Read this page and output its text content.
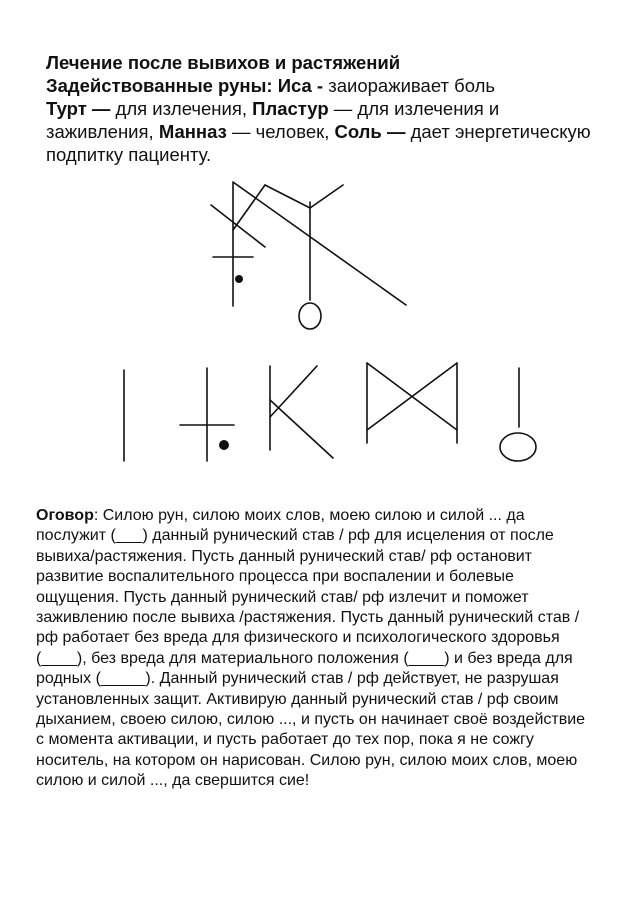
Лечение после вывихов и растяжений

Задействованные руны: Иса - заиораживает боль
Турт — для излечения, Пластур — для излечения и заживления, Манназ — человек, Соль — дает энергетическую подпитку пациенту.

Оговор: Силою рун, силою моих слов, моею силою и силой ... да послужит (___) данный рунический став / рф для исцеления от после вывиха/растяжения. Пусть данный рунический став/ рф остановит развитие воспалительного процесса при воспалении и болевые ощущения. Пусть данный рунический став/ рф излечит и поможет заживлению после вывиха /растяжения. Пусть данный рунический став / рф работает без вреда для физического и психологического здоровья (____), без вреда для материального положения (____) и без вреда для родных (_____). Данный рунический став / рф действует, не разрушая установленных защит. Активирую данный рунический став / рф своим дыханием, своею силою, силою ..., и пусть он начинает своё воздействие с момента активации, и пусть работает до тех пор, пока я не сожгу носитель, на котором он нарисован. Силою рун, силою моих слов, моею силою и силой ..., да свершится сие!
